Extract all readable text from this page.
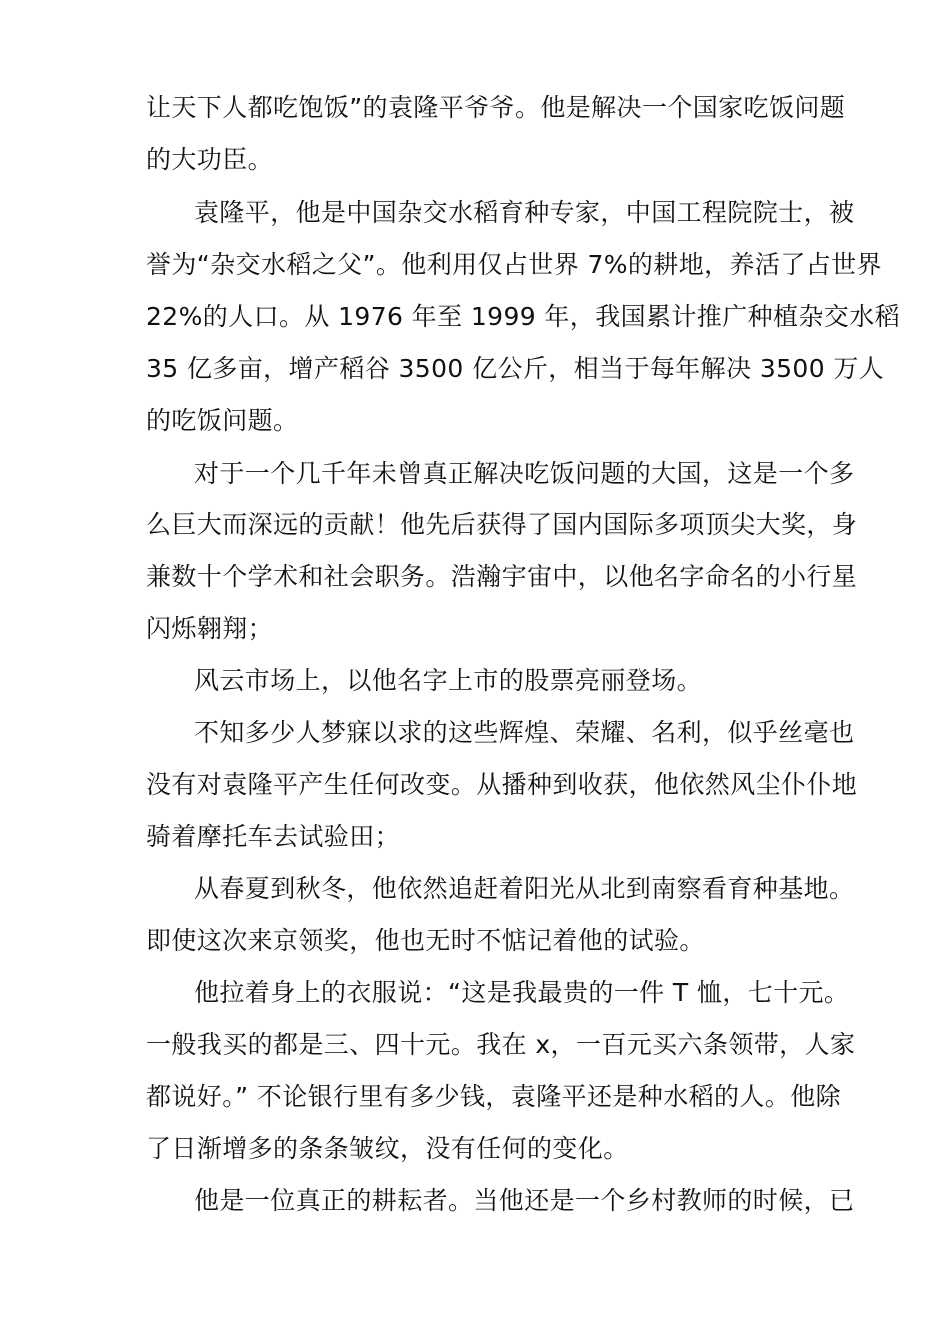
让天下人都吃饱饭”的袁隆平爷爷。他是解决一个国家吃饭问题
的大功臣。
袁隆平，他是中国杂交水稻育种专家，中国工程院院士，被
誉为“杂交水稻之父”。他利用仅占世界 7%的耕地，养活了占世界
22%的人口。从 1976 年至 1999 年，我国累计推广种植杂交水稻
35 亿多亩，增产稻谷 3500 亿公斤，相当于每年解决 3500 万人
的吃饭问题。
对于一个几千年未曾真正解决吃饭问题的大国，这是一个多
么巨大而深远的贡献！他先后获得了国内国际多项顶尖大奖，身
兼数十个学术和社会职务。浩瀚宇宙中，以他名字命名的小行星
闪烁翱翔；
风云市场上，以他名字上市的股票亮丽登场。
不知多少人梦寐以求的这些辉煌、荣耀、名利，似乎丝毫也
没有对袁隆平产生任何改变。从播种到收获，他依然风尘仆仆地
骑着摩托车去试验田；
从春夏到秋冬，他依然追赶着阳光从北到南察看育种基地。
即使这次来京领奖，他也无时不惦记着他的试验。
他拉着身上的衣服说：“这是我最贵的一件 T 恤，七十元。
一般我买的都是三、四十元。我在 x，一百元买六条领带，人家
都说好。” 不论银行里有多少钱，袁隆平还是种水稻的人。他除
了日渐增多的条条皱纹，没有任何的变化。
他是一位真正的耕耘者。当他还是一个乡村教师的时候，已
